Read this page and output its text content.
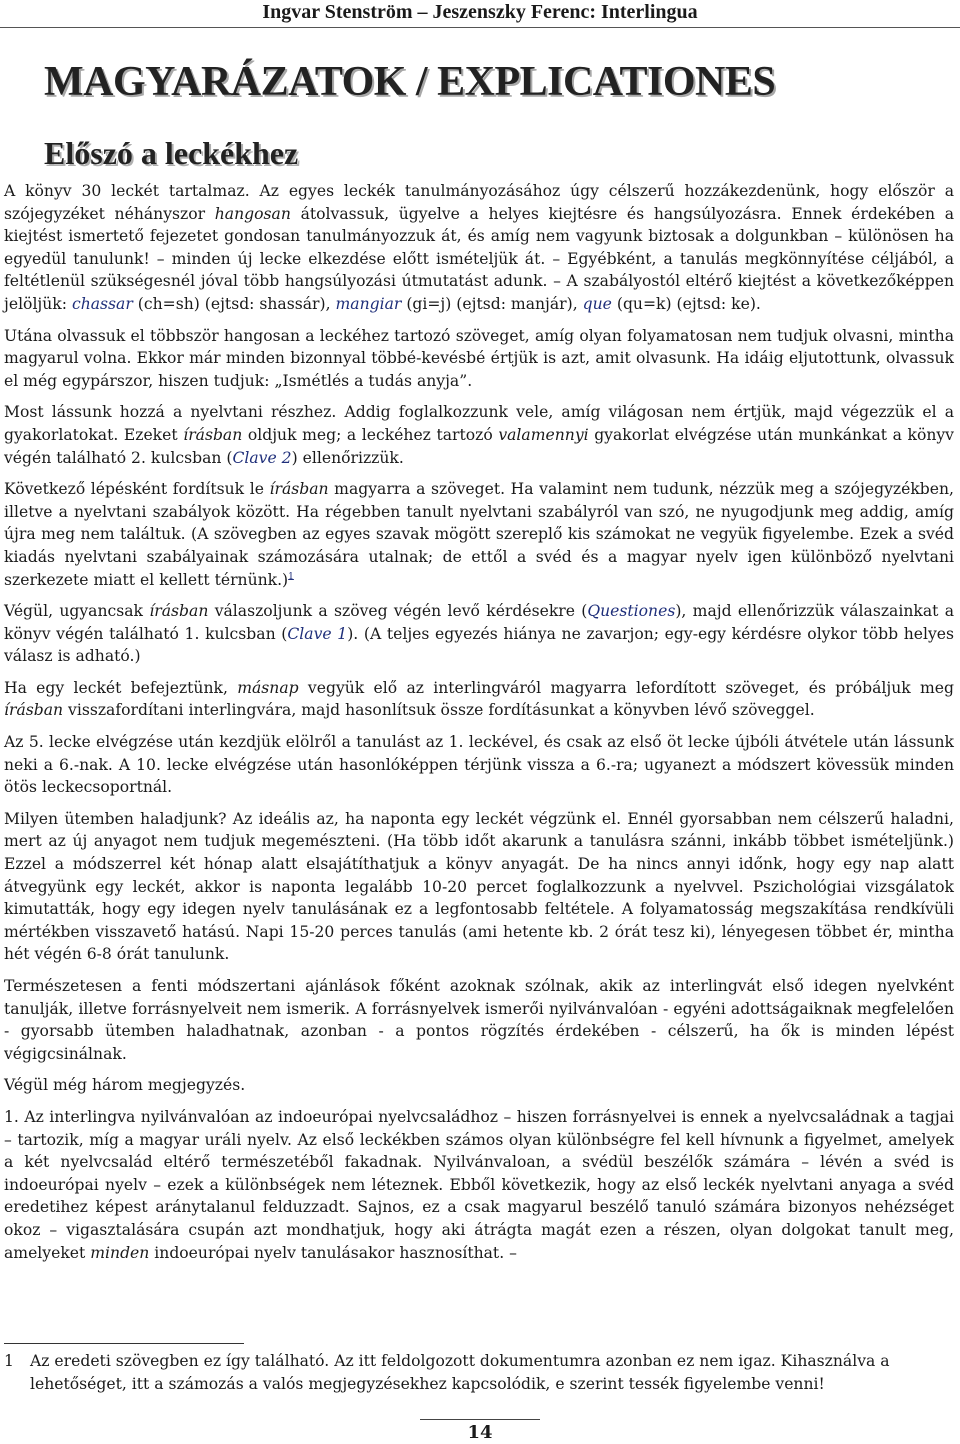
Ingvar Stenström – Jeszenszky Ferenc: Interlingua
MAGYARÁZATOK / EXPLICATIONES
Előszó a leckékhez

A könyv 30 leckét tartalmaz. Az egyes leckék tanulmányozásához úgy célszerű hozzákezdenünk, hogy először a szójegyzéket néhányszor hangosan átolvassuk, ügyelve a helyes kiejtésre és hangsúlyozásra. Ennek érdekében a kiejtést ismertető fejezetet gondosan tanulmányozzuk át, és amíg nem vagyunk biztosak a dolgunkban – különösen ha egyedül tanulunk! – minden új lecke elkezdése előtt ismételjük át. – Egyébként, a tanulás megkönnyítése céljából, a feltétlenül szükségesnél jóval több hangsúlyozási útmutatást adunk. – A szabályostól eltérő kiejtést a következőképpen jelöljük: chassar (ch=sh) (ejtsd: shassár), mangiar (gi=j) (ejtsd: manjár), que (qu=k) (ejtsd: ke).

Utána olvassuk el többször hangosan a leckéhez tartozó szöveget, amíg olyan folyamatosan nem tudjuk olvasni, mintha magyarul volna. Ekkor már minden bizonnyal többé-kevésbé értjük is azt, amit olvasunk. Ha idáig eljutottunk, olvassuk el még egypárszor, hiszen tudjuk: „Ismétlés a tudás anyja”.

Most lássunk hozzá a nyelvtani részhez. Addig foglalkozzunk vele, amíg világosan nem értjük, majd végezzük el a gyakorlatokat. Ezeket írásban oldjuk meg; a leckéhez tartozó valamennyi gyakorlat elvégzése után munkánkat a könyv végén található 2. kulcsban (Clave 2) ellenőrizzük.

Következő lépésként fordítsuk le írásban magyarra a szöveget. Ha valamint nem tudunk, nézzük meg a szójegyzékben, illetve a nyelvtani szabályok között. Ha régebben tanult nyelvtani szabályról van szó, ne nyugodjunk meg addig, amíg újra meg nem találtuk. (A szövegben az egyes szavak mögött szereplő kis számokat ne vegyük figyelembe. Ezek a svéd kiadás nyelvtani szabályainak számozására utalnak; de ettől a svéd és a magyar nyelv igen különböző nyelvtani szerkezete miatt el kellett térnünk.)$^1$

Végül, ugyancsak írásban válaszoljunk a szöveg végén levő kérdésekre (Questiones), majd ellenőrizzük válaszainkat a könyv végén található 1. kulcsban (Clave 1). (A teljes egyezés hiánya ne zavarjon; egy-egy kérdésre olykor több helyes válasz is adható.)

Ha egy leckét befejeztünk, másnap vegyük elő az interlingváról magyarra lefordított szöveget, és próbáljuk meg írásban visszafordítani interlingvára, majd hasonlítsuk össze fordításunkat a könyvben lévő szöveggel.

Az 5. lecke elvégzése után kezdjük elölről a tanulást az 1. leckével, és csak az első öt lecke újbóli átvétele után lássunk neki a 6.-nak. A 10. lecke elvégzése után hasonlóképpen térjünk vissza a 6.-ra; ugyanezt a módszert kövessük minden ötös leckecsoportnál.

Milyen ütemben haladjunk? Az ideális az, ha naponta egy leckét végzünk el. Ennél gyorsabban nem célszerű haladni, mert az új anyagot nem tudjuk megemészteni. (Ha több időt akarunk a tanulásra szánni, inkább többet ismételjünk.) Ezzel a módszerrel két hónap alatt elsajátíthatjuk a könyv anyagát. De ha nincs annyi időnk, hogy egy nap alatt átvegyünk egy leckét, akkor is naponta legalább 10-20 percet foglalkozzunk a nyelvvel. Pszichológiai vizsgálatok kimutatták, hogy egy idegen nyelv tanulásának ez a legfontosabb feltétele. A folyamatosság megszakítása rendkívüli mértékben visszavető hatású. Napi 15-20 perces tanulás (ami hetente kb. 2 órát tesz ki), lényegesen többet ér, mintha hét végén 6-8 órát tanulunk.

Természetesen a fenti módszertani ajánlások főként azoknak szólnak, akik az interlingvát első idegen nyelvként tanulják, illetve forrásnyelveit nem ismerik. A forrásnyelvek ismerői nyilvánvalóan - egyéni adottságaiknak megfelelően - gyorsabb ütemben haladhatnak, azonban - a pontos rögzítés érdekében - célszerű, ha ők is minden lépést végigcsinálnak.

Végül még három megjegyzés.

1. Az interlingva nyilvánvalóan az indoeurópai nyelvcsaládhoz – hiszen forrásnyelvei is ennek a nyelvcsaládnak a tagjai – tartozik, míg a magyar uráli nyelv. Az első leckékben számos olyan különbségre fel kell hívnunk a figyelmet, amelyek a két nyelvcsalád eltérő természetéből fakadnak. Nyilvánvaloan, a svédül beszélők számára – lévén a svéd is indoeurópai nyelv – ezek a különbségek nem léteznek. Ebből következik, hogy az első leckék nyelvtani anyaga a svéd eredetihez képest aránytalanul felduzzadt. Sajnos, ez a csak magyarul beszélő tanuló számára bizonyos nehézséget okoz – vigasztalására csupán azt mondhatjuk, hogy aki átrágta magát ezen a részen, olyan dolgokat tanult meg, amelyeket minden indoeurópai nyelv tanulásakor hasznosíthat. –

1	Az eredeti szövegben ez így található. Az itt feldolgozott dokumentumra azonban ez nem igaz. Kihasználva a lehetőséget, itt a számozás a valós megjegyzésekhez kapcsolódik, e szerint tessék figyelembe venni!
14
